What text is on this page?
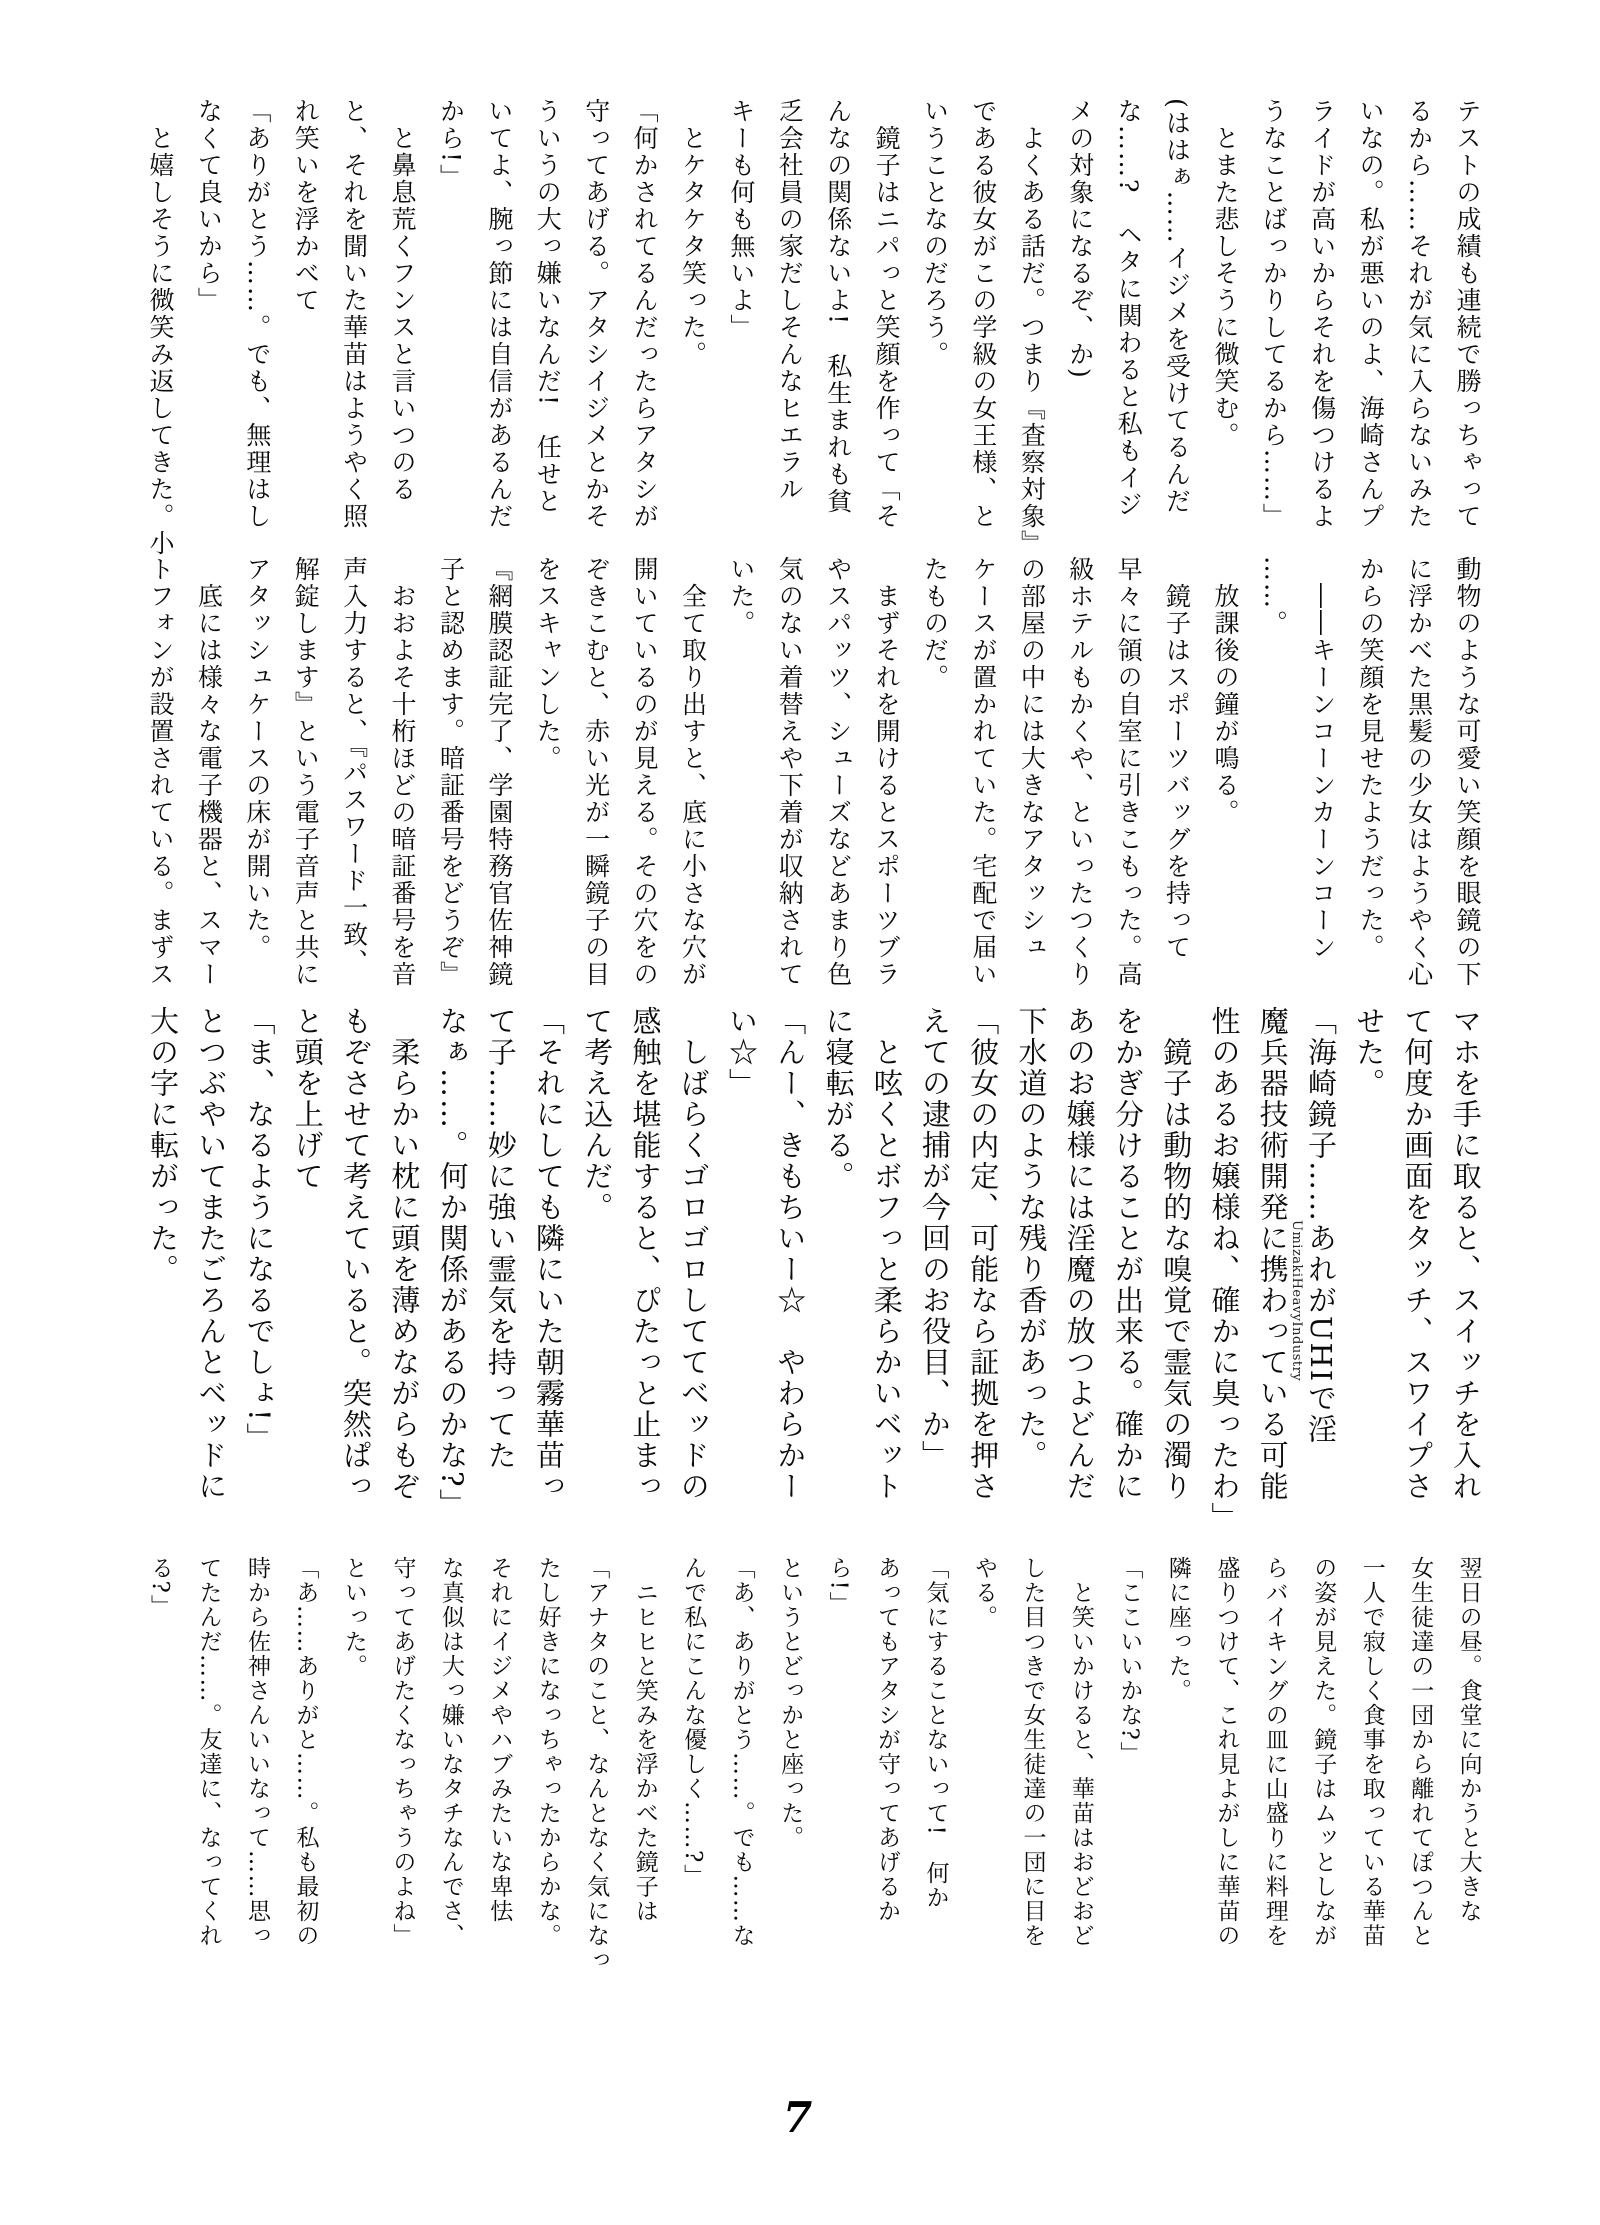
テストの成績も連続で勝っちゃって
るから……それが気に入らないみた
いなの。私が悪いのよ、海崎さんプ
ライドが高いからそれを傷つけるよ
うなことばっかりしてるから……」
　とまた悲しそうに微笑む。
(ははぁ……イジメを受けてるんだ
な……?　ヘタに関わると私もイジ
メの対象になるぞ、か)
　よくある話だ。つまり『査察対象』
である彼女がこの学級の女王様、と
いうことなのだろう。
　鏡子はニパっと笑顔を作って「そ
んなの関係ないよ!　私生まれも貧
乏会社員の家だしそんなヒエラル
キーも何も無いよ」
　とケタケタ笑った。
「何かされてるんだったらアタシが
守ってあげる。アタシイジメとかそ
ういうの大っ嫌いなんだ!　任せと
いてよ、腕っ節には自信があるんだ
から!」
　と鼻息荒くフンスと言いつのる
と、それを聞いた華苗はようやく照
れ笑いを浮かべて
「ありがとう……。でも、無理はし
なくて良いから」
　と嬉しそうに微笑み返してきた。小
動物のような可愛い笑顔を眼鏡の下
に浮かべた黒髪の少女はようやく心
からの笑顔を見せたようだった。
　――キーンコーンカーンコーン
……。
　放課後の鐘が鳴る。
　鏡子はスポーツバッグを持って
早々に領の自室に引きこもった。高
級ホテルもかくや、といったつくり
の部屋の中には大きなアタッシュ
ケースが置かれていた。宅配で届い
たものだ。
　まずそれを開けるとスポーツブラ
やスパッツ、シューズなどあまり色
気のない着替えや下着が収納されて
いた。
　全て取り出すと、底に小さな穴が
開いているのが見える。その穴をの
ぞきこむと、赤い光が一瞬鏡子の目
をスキャンした。
『網膜認証完了、学園特務官佐神鏡
子と認めます。暗証番号をどうぞ』
　おおよそ十桁ほどの暗証番号を音
声入力すると、『パスワード一致、
解錠します』という電子音声と共に
アタッシュケースの床が開いた。
　底には様々な電子機器と、スマー
トフォンが設置されている。まずス
UmizakiHeavyIndustry	マホを手に取ると、スイッチを入れ
て何度か画面をタッチ、スワイプさ
せた。
「海崎鏡子……あれがUHIで淫
魔兵器技術開発に携わっている可能
性のあるお嬢様ね、確かに臭ったわ」
　鏡子は動物的な嗅覚で霊気の濁り
をかぎ分けることが出来る。確かに
あのお嬢様には淫魔の放つよどんだ
下水道のような残り香があった。
「彼女の内定、可能なら証拠を押さ
えての逮捕が今回のお役目、か」
　と呟くとボフっと柔らかいベット
に寝転がる。
「んー、きもちいー☆　やわらかー
い☆」
　しばらくゴロゴロしててベッドの
感触を堪能すると、ぴたっと止まっ
て考え込んだ。
「それにしても隣にいた朝霧華苗っ
て子……妙に強い霊気を持ってた
なぁ……。何か関係があるのかな?」
　柔らかい枕に頭を薄めながらもぞ
もぞさせて考えていると。突然ぱっ
と頭を上げて
「ま、なるようになるでしょ!」
とつぶやいてまたごろんとベッドに
大の字に転がった。
翌日の昼。食堂に向かうと大きな
女生徒達の一団から離れてぽつんと
一人で寂しく食事を取っている華苗
の姿が見えた。鏡子はムッとしなが
らバイキングの皿に山盛りに料理を
盛りつけて、これ見よがしに華苗の
隣に座った。
「ここいいかな?」
　と笑いかけると、華苗はおどおど
した目つきで女生徒達の一団に目を
やる。
「気にすることないって!　何か
あってもアタシが守ってあげるか
ら!」
というとどっかと座った。
「あ、ありがとう……。でも……な
んで私にこんな優しく……?」
　ニヒヒと笑みを浮かべた鏡子は
「アナタのこと、なんとなく気になっ
たし好きになっちゃったからかな。
それにイジメやハブみたいな卑怯
な真似は大っ嫌いなタチなんでさ、
守ってあげたくなっちゃうのよね」
といった。
「あ……ありがと……。私も最初の
時から佐神さんいいなって……思っ
てたんだ……。友達に、なってくれ
る?」
7
